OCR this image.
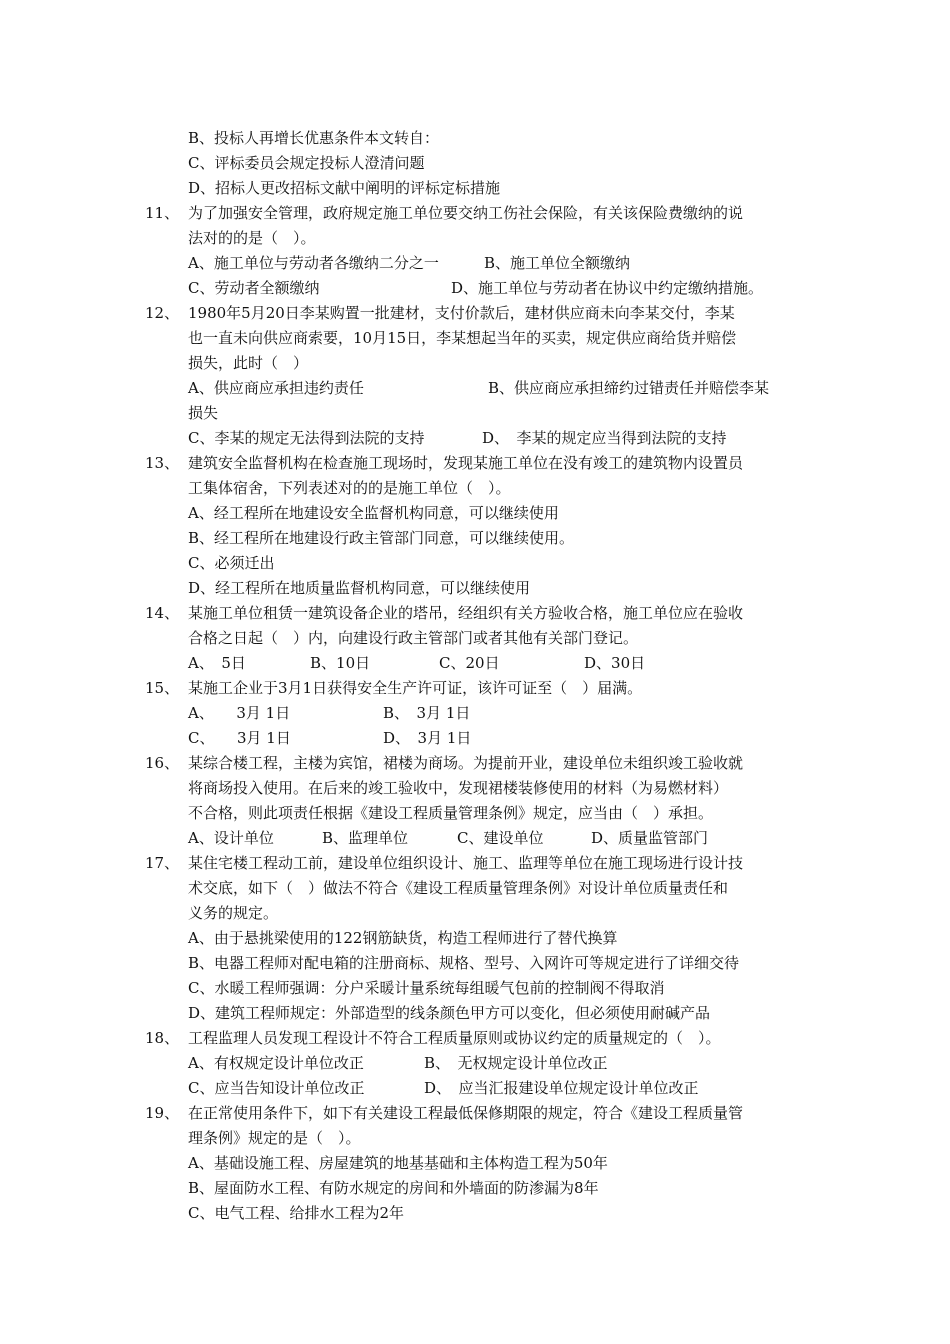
B、投标人再增长优惠条件本文转自：
C、评标委员会规定投标人澄清问题
D、招标人更改招标文献中阐明的评标定标措施
11、 为了加强安全管理，政府规定施工单位要交纳工伤社会保险，有关该保险费缴纳的说
法对的的是（　）。
A、施工单位与劳动者各缴纳二分之一	B、施工单位全额缴纳
C、劳动者全额缴纳	D、施工单位与劳动者在协议中约定缴纳措施。
12、 1980年5月20日李某购置一批建材，支付价款后，建材供应商未向李某交付，李某
也一直未向供应商索要，10月15日，李某想起当年的买卖，规定供应商给货并赔偿
损失，此时（　）
A、供应商应承担违约责任	B、供应商应承担缔约过错责任并赔偿李某
损失
C、李某的规定无法得到法院的支持	D、　李某的规定应当得到法院的支持
13、 建筑安全监督机构在检查施工现场时，发现某施工单位在没有竣工的建筑物内设置员
工集体宿舍，下列表述对的的是施工单位（　）。
A、经工程所在地建设安全监督机构同意，可以继续使用
B、经工程所在地建设行政主管部门同意，可以继续使用。
C、必须迁出
D、经工程所在地质量监督机构同意，可以继续使用
14、 某施工单位租赁一建筑设备企业的塔吊，经组织有关方验收合格，施工单位应在验收
合格之日起（　）内，向建设行政主管部门或者其他有关部门登记。
A、　5日	B、10日	C、20日	D、30日
15、 某施工企业于3月1日获得安全生产许可证，该许可证至（　）届满。
A、　　3月 1日	B、　3月 1日
C、　　3月 1日	D、　3月 1日
16、 某综合楼工程，主楼为宾馆，裙楼为商场。为提前开业，建设单位未组织竣工验收就
将商场投入使用。在后来的竣工验收中，发现裙楼装修使用的材料（为易燃材料）
不合格，则此项责任根据《建设工程质量管理条例》规定，应当由（　）承担。
A、设计单位	B、监理单位	C、建设单位	D、质量监管部门
17、 某住宅楼工程动工前，建设单位组织设计、施工、监理等单位在施工现场进行设计技
术交底，如下（　）做法不符合《建设工程质量管理条例》对设计单位质量责任和
义务的规定。
A、由于悬挑梁使用的122钢筋缺货，构造工程师进行了替代换算
B、电器工程师对配电箱的注册商标、规格、型号、入网许可等规定进行了详细交待
C、水暖工程师强调：分户采暖计量系统每组暖气包前的控制阀不得取消
D、建筑工程师规定：外部造型的线条颜色甲方可以变化，但必须使用耐碱产品
18、 工程监理人员发现工程设计不符合工程质量原则或协议约定的质量规定的（　）。
A、有权规定设计单位改正	B、　无权规定设计单位改正
C、应当告知设计单位改正	D、　应当汇报建设单位规定设计单位改正
19、 在正常使用条件下，如下有关建设工程最低保修期限的规定，符合《建设工程质量管
理条例》规定的是（　）。
A、基础设施工程、房屋建筑的地基基础和主体构造工程为50年
B、屋面防水工程、有防水规定的房间和外墙面的防渗漏为8年
C、电气工程、给排水工程为2年
